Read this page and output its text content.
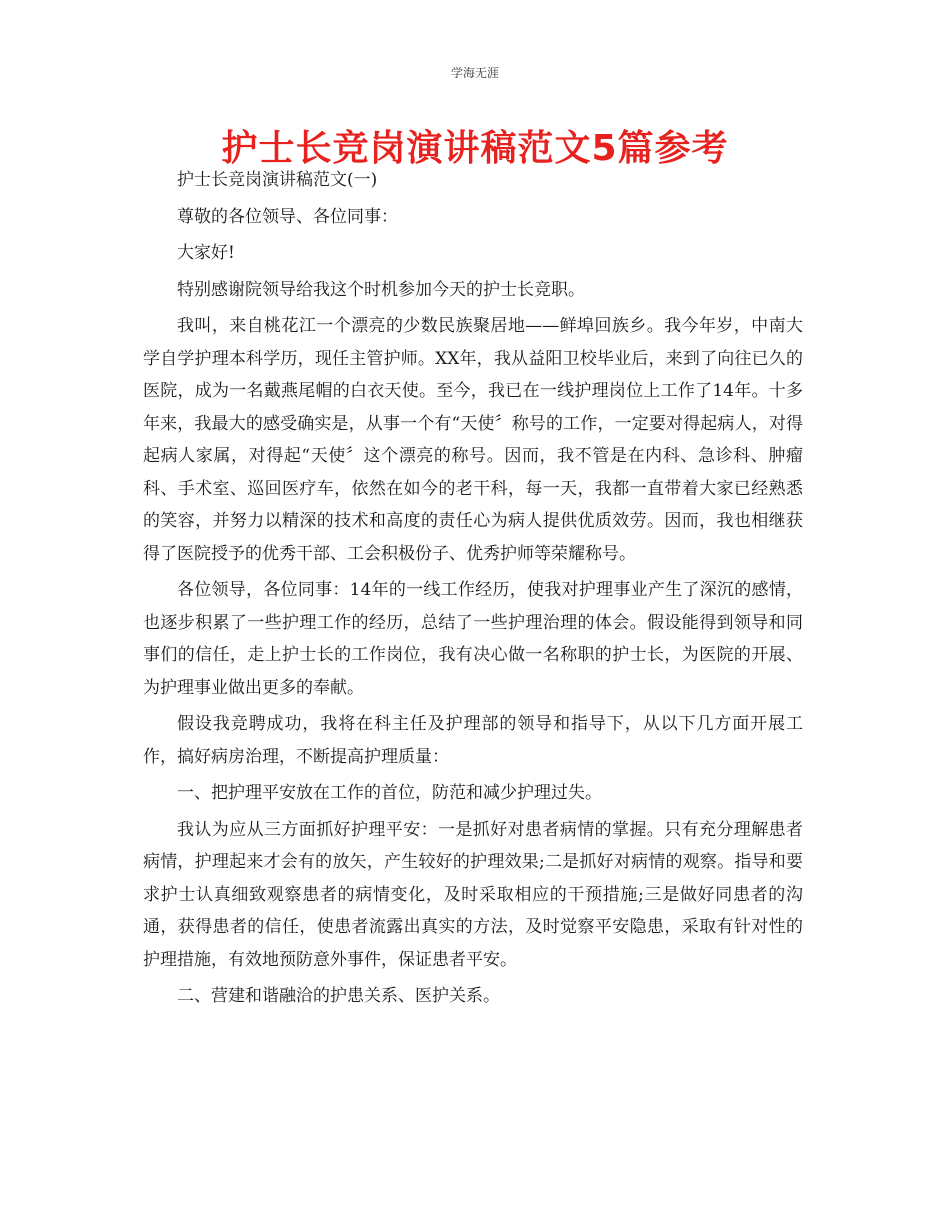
学海无涯
护士长竞岗演讲稿范文5篇参考

护士长竞岗演讲稿范文(一)

尊敬的各位领导、各位同事：

大家好!

特别感谢院领导给我这个时机参加今天的护士长竞职。

我叫，来自桃花江一个漂亮的少数民族聚居地——鲜埠回族乡。我今年岁，中南大学自学护理本科学历，现任主管护师。XX年，我从益阳卫校毕业后，来到了向往已久的医院，成为一名戴燕尾帽的白衣天使。至今，我已在一线护理岗位上工作了14年。十多年来，我最大的感受确实是，从事一个有“天使〞称号的工作，一定要对得起病人，对得起病人家属，对得起“天使〞这个漂亮的称号。因而，我不管是在内科、急诊科、肿瘤科、手术室、巡回医疗车，依然在如今的老干科，每一天，我都一直带着大家已经熟悉的笑容，并努力以精深的技术和高度的责任心为病人提供优质效劳。因而，我也相继获得了医院授予的优秀干部、工会积极份子、优秀护师等荣耀称号。

各位领导，各位同事：14年的一线工作经历，使我对护理事业产生了深沉的感情，也逐步积累了一些护理工作的经历，总结了一些护理治理的体会。假设能得到领导和同事们的信任，走上护士长的工作岗位，我有决心做一名称职的护士长，为医院的开展、为护理事业做出更多的奉献。

假设我竞聘成功，我将在科主任及护理部的领导和指导下，从以下几方面开展工作，搞好病房治理，不断提高护理质量：

一、把护理平安放在工作的首位，防范和减少护理过失。

我认为应从三方面抓好护理平安：一是抓好对患者病情的掌握。只有充分理解患者病情，护理起来才会有的放矢，产生较好的护理效果;二是抓好对病情的观察。指导和要求护士认真细致观察患者的病情变化，及时采取相应的干预措施;三是做好同患者的沟通，获得患者的信任，使患者流露出真实的方法，及时觉察平安隐患，采取有针对性的护理措施，有效地预防意外事件，保证患者平安。

二、营建和谐融洽的护患关系、医护关系。
